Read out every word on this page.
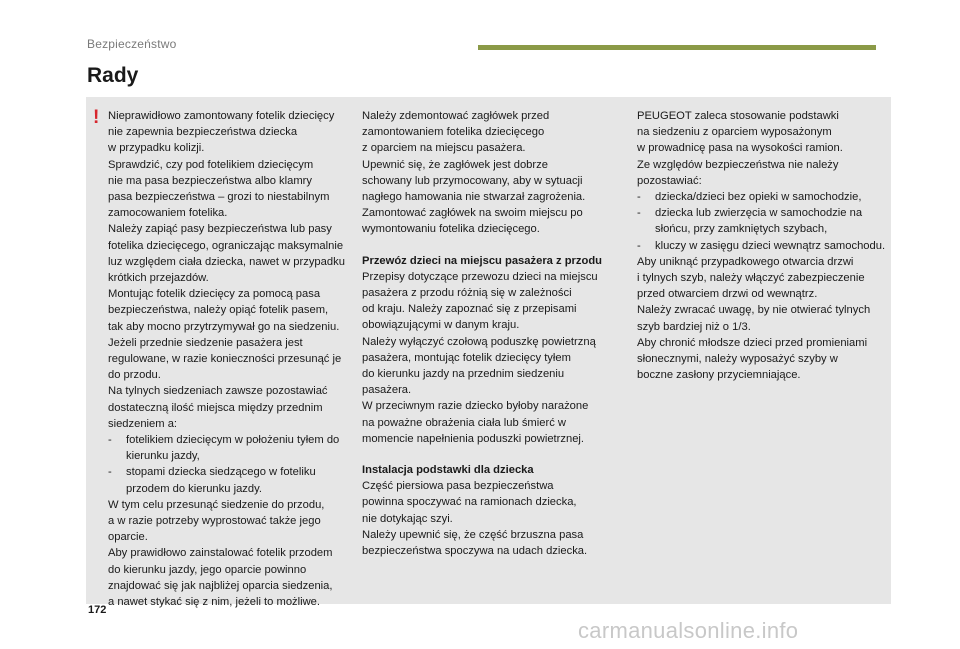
Bezpieczeństwo
Rady
! Nieprawidłowo zamontowany fotelik dziecięcy

nie zapewnia bezpieczeństwa dziecka

w przypadku kolizji.

Sprawdzić, czy pod fotelikiem dziecięcym

nie ma pasa bezpieczeństwa albo klamry

pasa bezpieczeństwa – grozi to niestabilnym

zamocowaniem fotelika.

Należy zapiąć pasy bezpieczeństwa lub pasy

fotelika dziecięcego, ograniczając maksymalnie

luz względem ciała dziecka, nawet w przypadku

krótkich przejazdów.

Montując fotelik dziecięcy za pomocą pasa

bezpieczeństwa, należy opiąć fotelik pasem,

tak aby mocno przytrzymywał go na siedzeniu.

Jeżeli przednie siedzenie pasażera jest

regulowane, w razie konieczności przesunąć je

do przodu.

Na tylnych siedzeniach zawsze pozostawiać

dostateczną ilość miejsca między przednim

siedzeniem a:

- fotelikiem dziecięcym w położeniu tyłem do kierunku jazdy,
- stopami dziecka siedzącego w foteliku przodem do kierunku jazdy.

W tym celu przesunąć siedzenie do przodu,

a w razie potrzeby wyprostować także jego

oparcie.

Aby prawidłowo zainstalować fotelik przodem

do kierunku jazdy, jego oparcie powinno

znajdować się jak najbliżej oparcia siedzenia,

a nawet stykać się z nim, jeżeli to możliwe.

Należy zdemontować zagłówek przed

zamontowaniem fotelika dziecięcego

z oparciem na miejscu pasażera.

Upewnić się, że zagłówek jest dobrze

schowany lub przymocowany, aby w sytuacji

nagłego hamowania nie stwarzał zagrożenia.

Zamontować zagłówek na swoim miejscu po

wymontowaniu fotelika dziecięcego.

Przewóz dzieci na miejscu pasażera z przodu

Przepisy dotyczące przewozu dzieci na miejscu

pasażera z przodu różnią się w zależności

od kraju. Należy zapoznać się z przepisami

obowiązującymi w danym kraju.

Należy wyłączyć czołową poduszkę powietrzną

pasażera, montując fotelik dziecięcy tyłem

do kierunku jazdy na przednim siedzeniu

pasażera.

W przeciwnym razie dziecko byłoby narażone

na poważne obrażenia ciała lub śmierć w

momencie napełnienia poduszki powietrznej.

Instalacja podstawki dla dziecka

Część piersiowa pasa bezpieczeństwa

powinna spoczywać na ramionach dziecka,

nie dotykając szyi.

Należy upewnić się, że część brzuszna pasa

bezpieczeństwa spoczywa na udach dziecka.

PEUGEOT zaleca stosowanie podstawki

na siedzeniu z oparciem wyposażonym

w prowadnicę pasa na wysokości ramion.

Ze względów bezpieczeństwa nie należy

pozostawiać:

- dziecka/dzieci bez opieki w samochodzie,
- dziecka lub zwierzęcia w samochodzie na słońcu, przy zamkniętych szybach,
- kluczy w zasięgu dzieci wewnątrz samochodu.

Aby uniknąć przypadkowego otwarcia drzwi

i tylnych szyb, należy włączyć zabezpieczenie

przed otwarciem drzwi od wewnątrz.

Należy zwracać uwagę, by nie otwierać tylnych

szyb bardziej niż o 1/3.

Aby chronić młodsze dzieci przed promieniami

słonecznymi, należy wyposażyć szyby w

boczne zasłony przyciemniające.

172
carmanualsonline.info
